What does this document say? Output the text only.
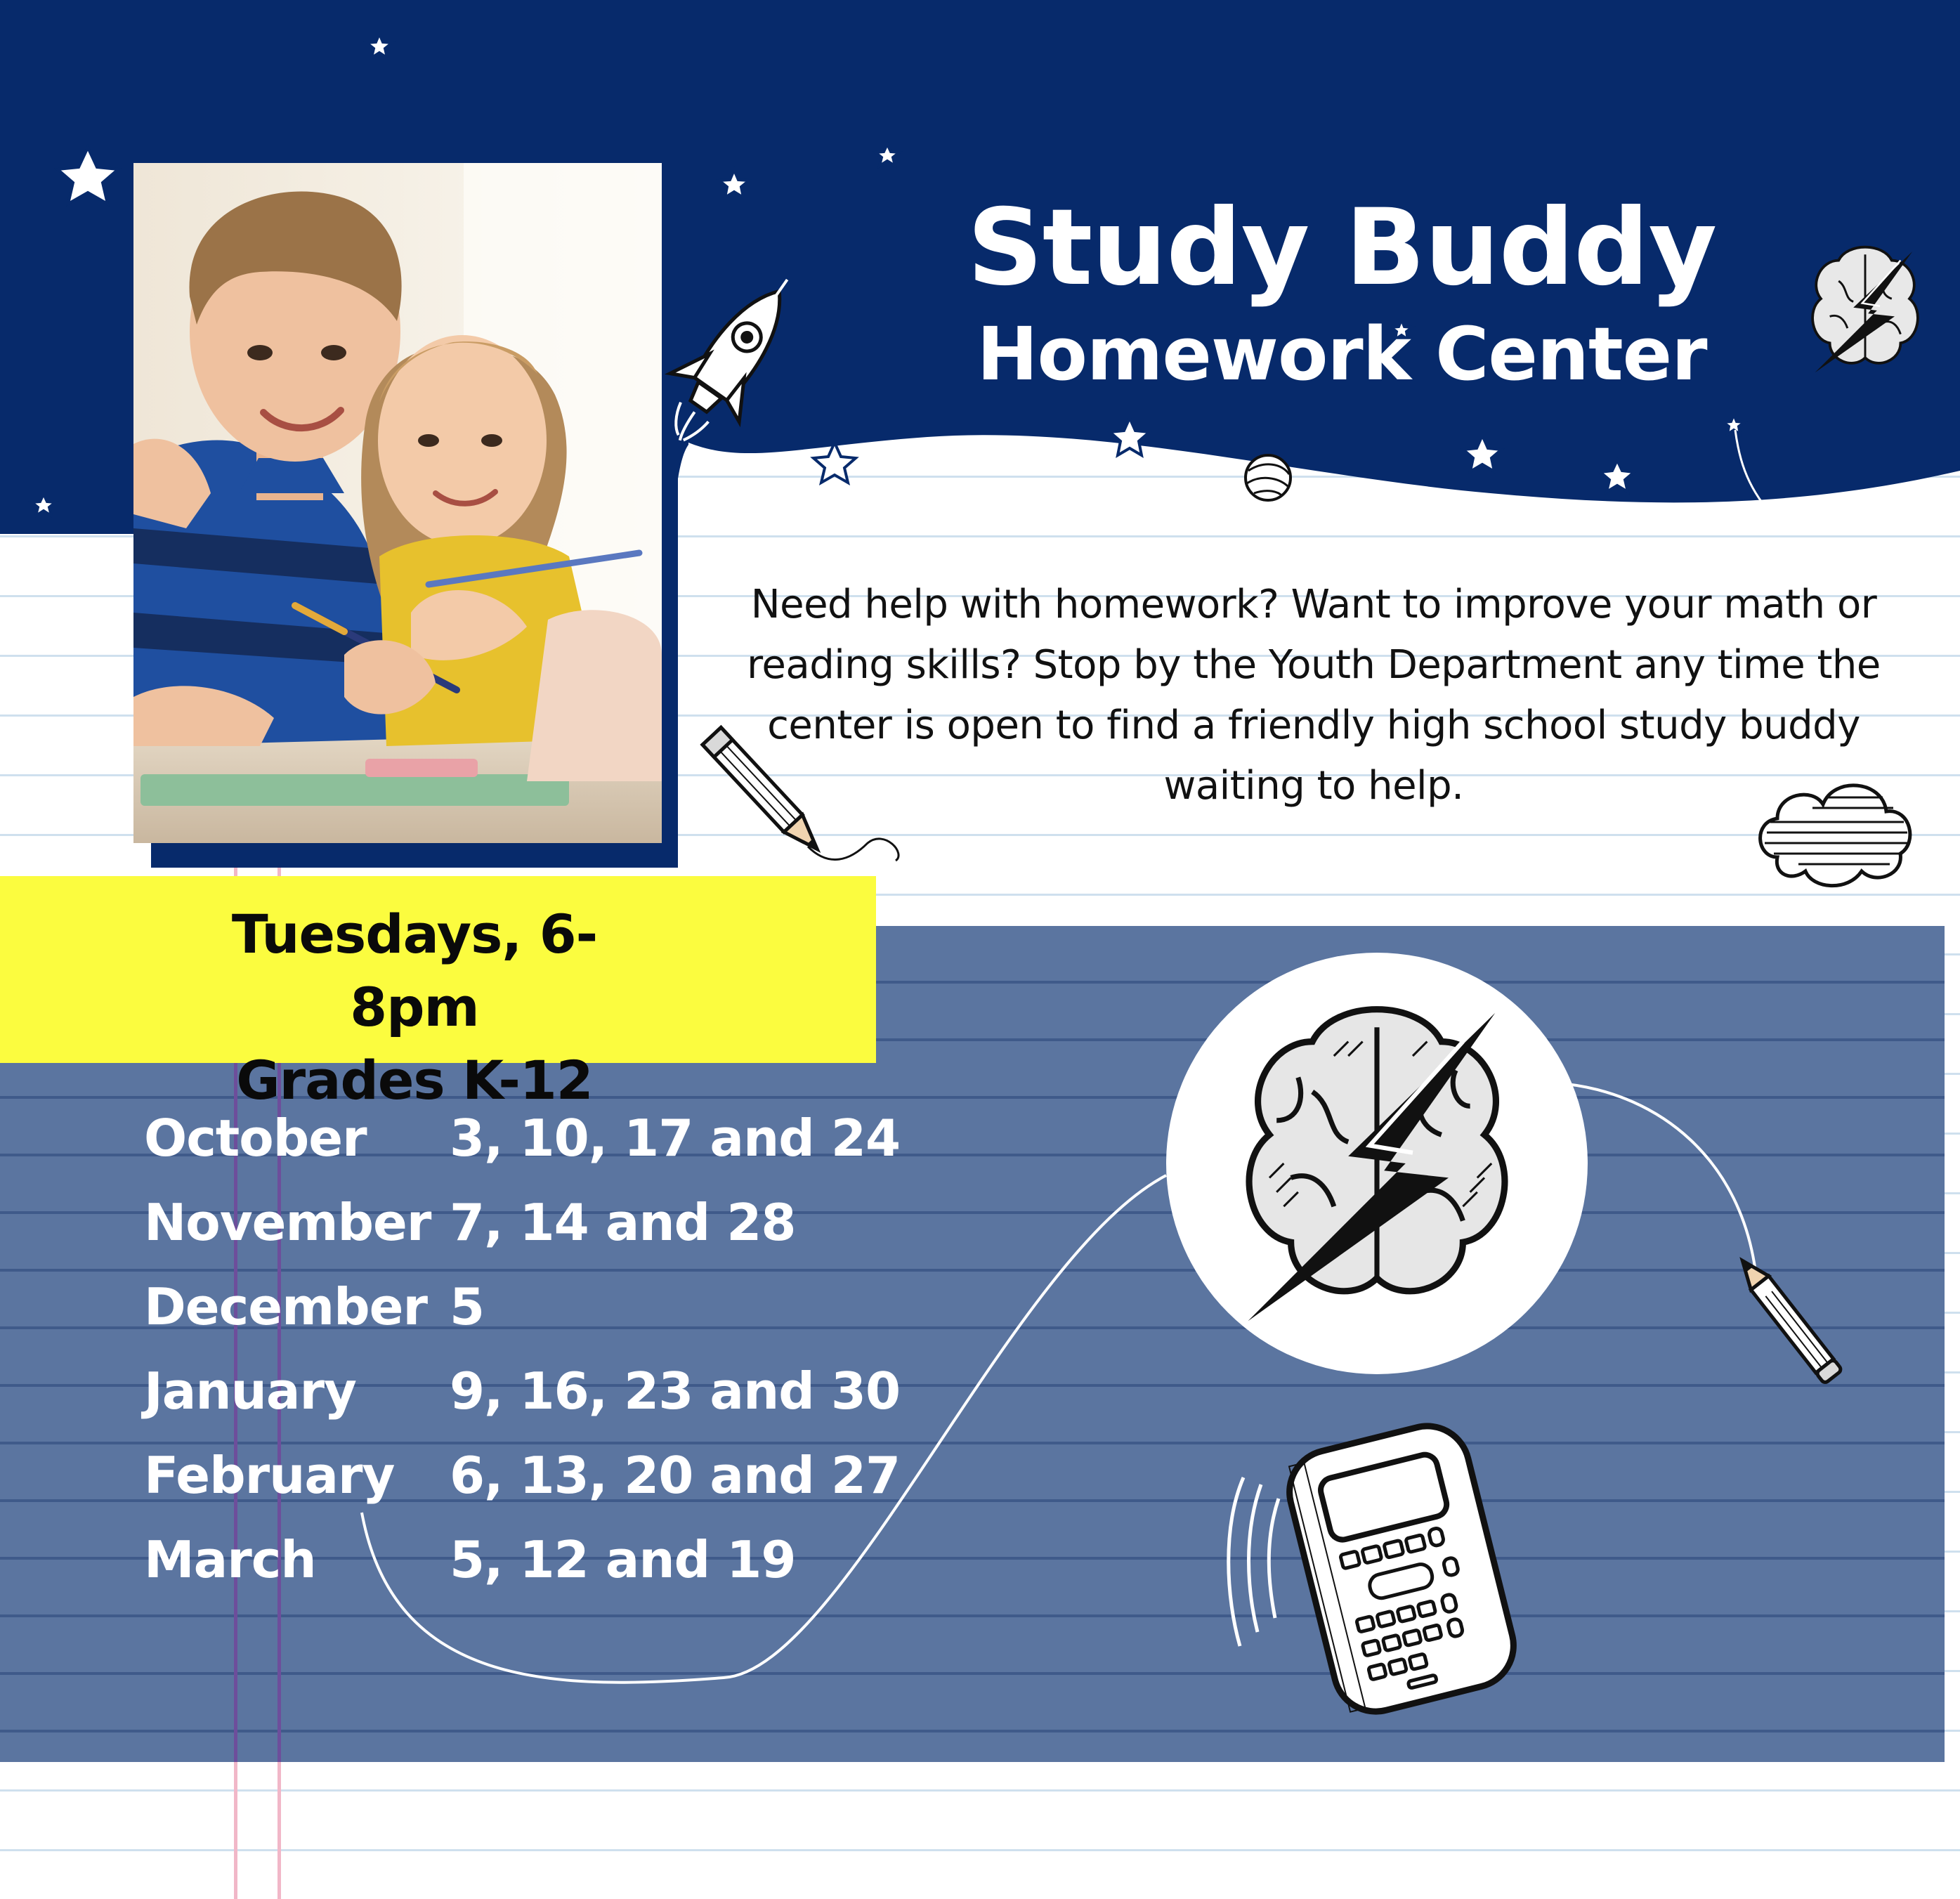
Study Buddy
Homework Center

Need help with homework? Want to improve your math or reading skills? Stop by the Youth Department any time the center is open to find a friendly high school study buddy waiting to help.

Tuesdays, 6-8pm
Grades K-12
October 3, 10, 17 and 24
November 7, 14 and 28
December 5
January 9, 16, 23 and 30
February 6, 13, 20 and 27
March	5, 12 and 19
